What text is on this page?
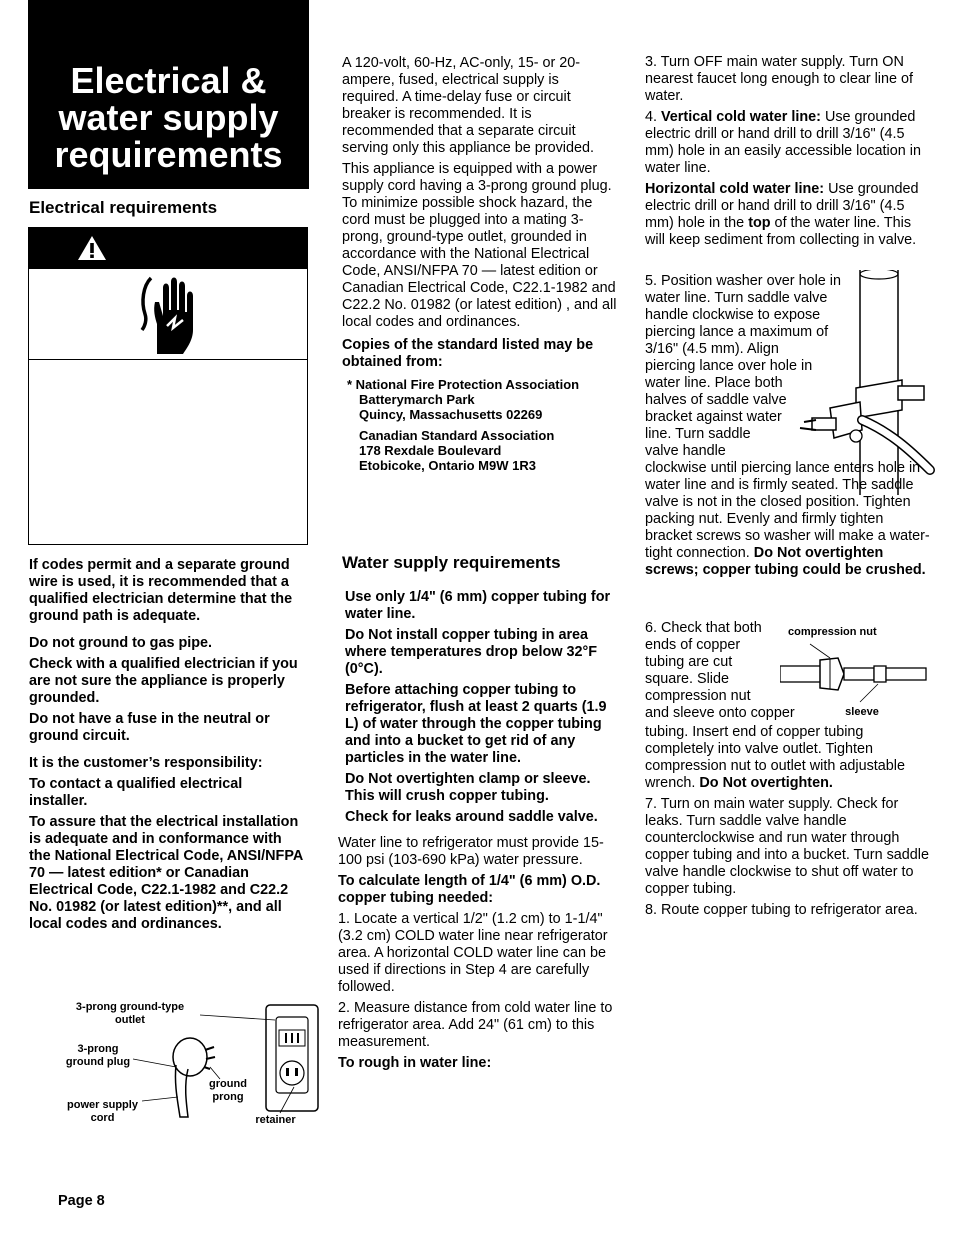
Electrical & water supply requirements
Electrical requirements

If codes permit and a separate ground wire is used, it is recommended that a qualified electrician determine that the ground path is adequate.

Do not ground to gas pipe.

Check with a qualified electrician if you are not sure the appliance is properly grounded.

Do not have a fuse in the neutral or ground circuit.

It is the customer’s responsibility:

To contact a qualified electrical installer.

To assure that the electrical installation is adequate and in conformance with the National Electrical Code, ANSI/NFPA 70 — latest edition* or Canadian Electrical Code, C22.1-1982 and C22.2 No. 01982 (or latest edition)**, and all local codes and ordinances.

3-prong ground-type outlet
3-prong ground plug
power supply cord
ground prong
retainer
Page 8

A 120-volt, 60-Hz, AC-only, 15- or 20-ampere, fused, electrical supply is required. A time-delay fuse or circuit breaker is recommended. It is recommended that a separate circuit serving only this appliance be provided.

This appliance is equipped with a power supply cord having a 3-prong ground plug. To minimize possible shock hazard, the cord must be plugged into a mating 3-prong, ground-type outlet, grounded in accordance with the National Electrical Code, ANSI/NFPA 70 — latest edition or Canadian Electrical Code, C22.1-1982 and C22.2 No. 01982 (or latest edition) , and all local codes and ordinances.

Copies of the standard listed may be obtained from:

* National Fire Protection Association
Batterymarch Park
Quincy, Massachusetts 02269
Canadian Standard Association
178 Rexdale Boulevard
Etobicoke, Ontario M9W 1R3
Water supply requirements

Use only 1/4" (6 mm) copper tubing for water line.

Do Not install copper tubing in area where temperatures drop below 32°F (0°C).

Before attaching copper tubing to refrigerator, flush at least 2 quarts (1.9 L) of water through the copper tubing and into a bucket to get rid of any particles in the water line.

Do Not overtighten clamp or sleeve. This will crush copper tubing.

Check for leaks around saddle valve.

Water line to refrigerator must provide 15-100 psi (103-690 kPa) water pressure.

To calculate length of 1/4" (6 mm) O.D. copper tubing needed:

1. Locate a vertical 1/2" (1.2 cm) to 1-1/4" (3.2 cm) COLD water line near refrigerator area. A horizontal COLD water line can be used if directions in Step 4 are carefully followed.

2. Measure distance from cold water line to refrigerator area. Add 24" (61 cm) to this measurement.

To rough in water line:

3. Turn OFF main water supply. Turn ON nearest faucet long enough to clear line of water.

4. Vertical cold water line: Use grounded electric drill or hand drill to drill 3/16" (4.5 mm) hole in an easily accessible location in water line.

Horizontal cold water line: Use grounded electric drill or hand drill to drill 3/16" (4.5 mm) hole in the top of the water line. This will keep sediment from collecting in valve.

5. Position washer over hole in
water line. Turn saddle valve
handle clockwise to expose
piercing lance a maximum of
3/16" (4.5 mm). Align
piercing lance over hole in
water line. Place both
halves of saddle valve
bracket against water
line. Turn saddle
valve handle
clockwise until piercing lance enters hole in water line and is firmly seated. The saddle valve is not in the closed position. Tighten packing nut. Evenly and firmly tighten bracket screws so washer will make a water-tight connection. Do Not overtighten screws; copper tubing could be crushed.
6. Check that both
ends of copper
tubing are cut
square. Slide
compression nut
and sleeve onto copper
compression nut
sleeve

tubing. Insert end of copper tubing completely into valve outlet. Tighten compression nut to outlet with adjustable wrench. Do Not overtighten.

7. Turn on main water supply. Check for leaks. Turn saddle valve handle counterclockwise and run water through copper tubing and into a bucket. Turn saddle valve handle clockwise to shut off water to copper tubing.

8. Route copper tubing to refrigerator area.
